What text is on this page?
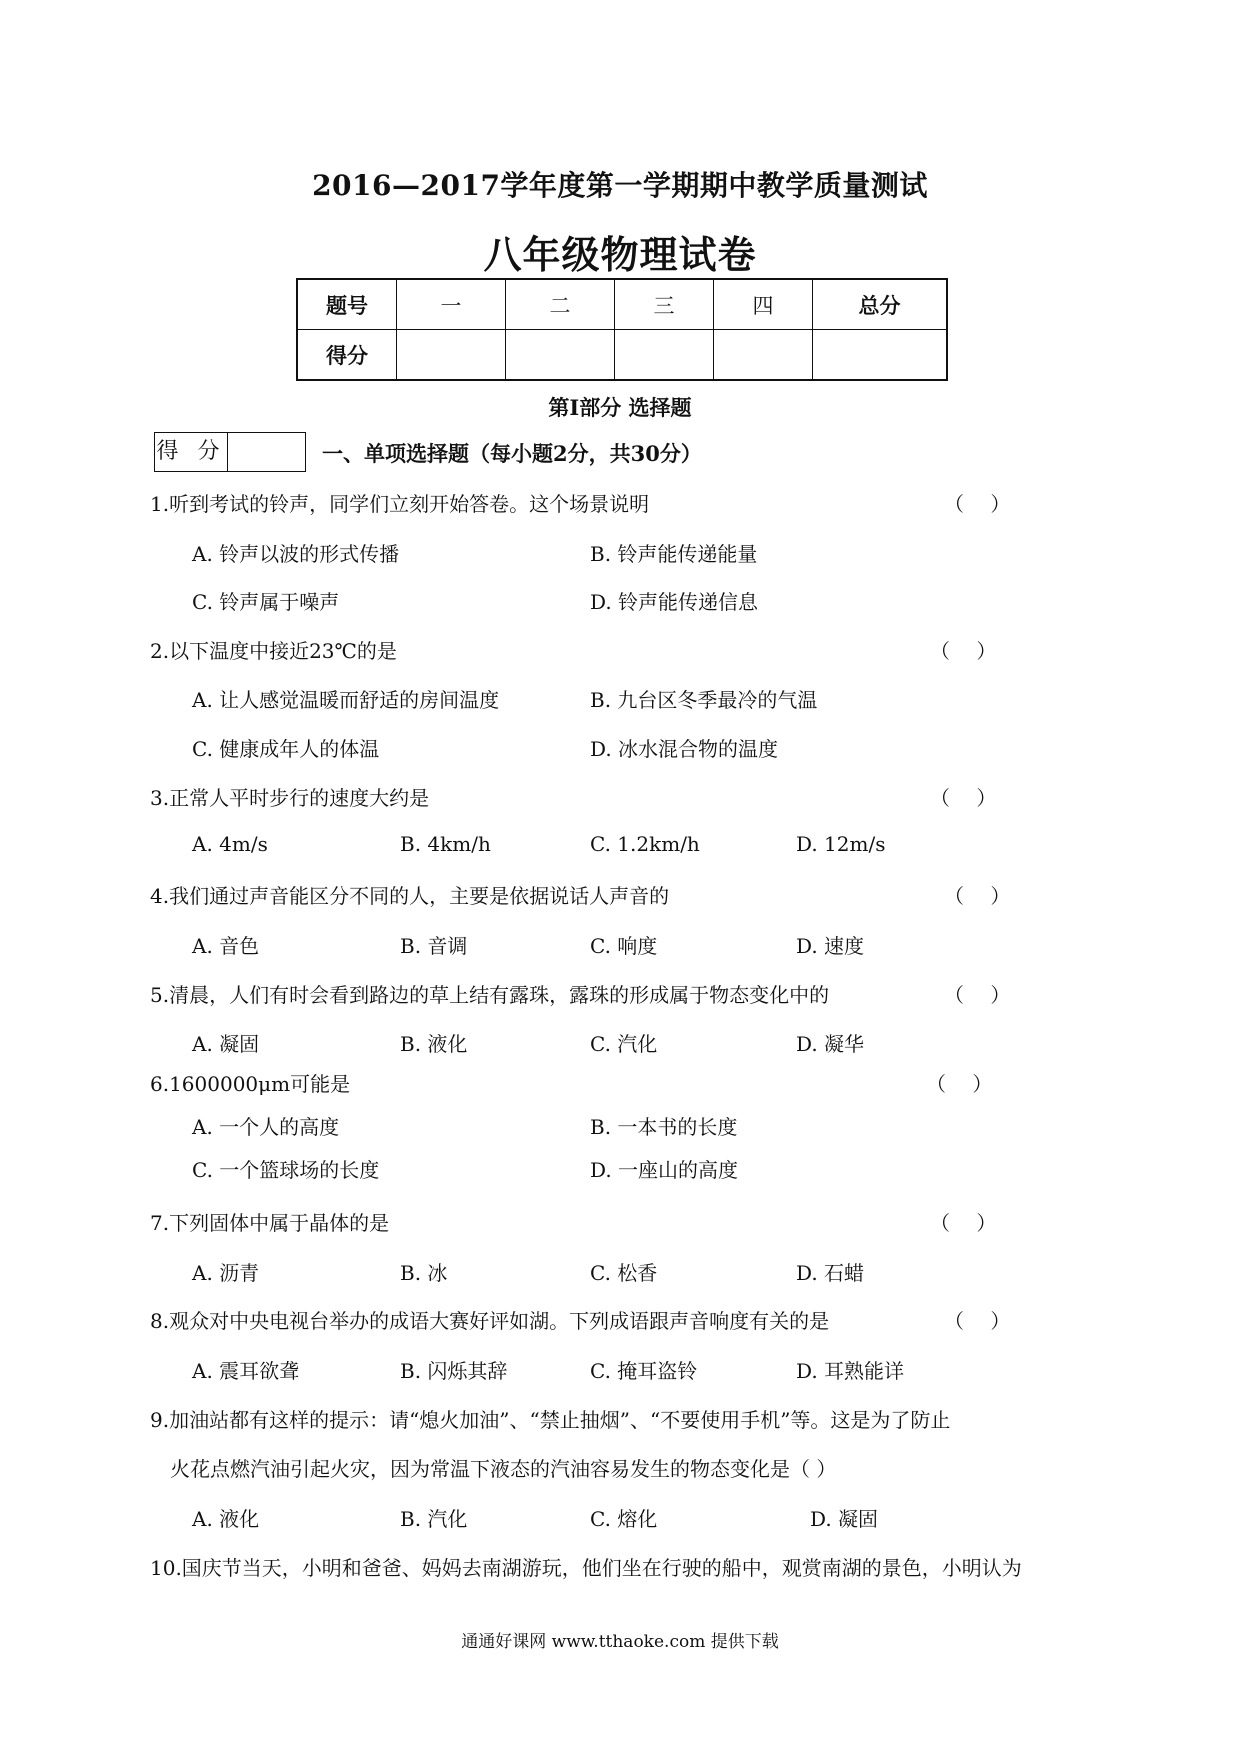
2016—2017学年度第一学期期中教学质量测试
八年级物理试卷
题号	一	二	三	四	总分
得分					
第Ⅰ部分 选择题
得 分	一、单项选择题（每小题2分，共30分）
1.听到考试的铃声，同学们立刻开始答卷。这个场景说明	（ ）
A. 铃声以波的形式传播	B. 铃声能传递能量
C. 铃声属于噪声	D. 铃声能传递信息
2.以下温度中接近23℃的是	（ ）
A. 让人感觉温暖而舒适的房间温度	B. 九台区冬季最冷的气温
C. 健康成年人的体温	D. 冰水混合物的温度
3.正常人平时步行的速度大约是	（ ）
A. 4m/s	B. 4km/h	C. 1.2km/h	D. 12m/s
4.我们通过声音能区分不同的人，主要是依据说话人声音的	（ ）
A. 音色	B. 音调	C. 响度	D. 速度
5.清晨，人们有时会看到路边的草上结有露珠，露珠的形成属于物态变化中的	（ ）
A. 凝固	B. 液化	C. 汽化	D. 凝华
6.1600000μm可能是	（ ）
A. 一个人的高度	B. 一本书的长度
C. 一个篮球场的长度	D. 一座山的高度
7.下列固体中属于晶体的是	（ ）
A. 沥青	B. 冰	C. 松香	D. 石蜡
8.观众对中央电视台举办的成语大赛好评如湖。下列成语跟声音响度有关的是	（ ）
A. 震耳欲聋	B. 闪烁其辞	C. 掩耳盗铃	D. 耳熟能详
9.加油站都有这样的提示：请“熄火加油”、“禁止抽烟”、“不要使用手机”等。这是为了防止
火花点燃汽油引起火灾，因为常温下液态的汽油容易发生的物态变化是（ ）
A. 液化	B. 汽化	C. 熔化	D. 凝固
10.国庆节当天，小明和爸爸、妈妈去南湖游玩，他们坐在行驶的船中，观赏南湖的景色，小明认为
通通好课网 www.tthaoke.com 提供下载
